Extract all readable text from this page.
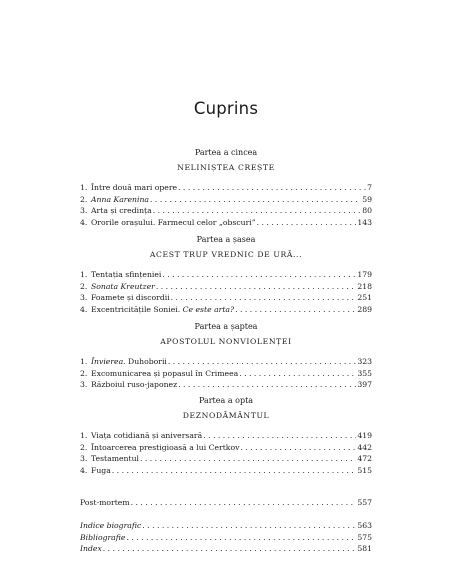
Cuprins
Partea a cincea
NELINIȘTEA CREȘTE
1. Între două mari opere . . .	7
2. Anna Karenina . . .	59
3. Arta și credința . . .	80
4. Ororile orașului. Farmecul celor „obscuri” . . .	143
Partea a șasea
ACEST TRUP VREDNIC DE URĂ...
1. Tentația sfințeniei . . .	179
2. Sonata Kreutzer . . .	218
3. Foamete și discordii . . .	251
4. Excentricitățile Soniei. Ce este arta? . . .	289
Partea a șaptea
APOSTOLUL NONVIOLENȚEI
1. Învierea. Duhoborii . . .	323
2. Excomunicarea și popasul în Crimeea . . .	355
3. Războiul ruso-japonez . . .	397
Partea a opta
DEZNODĂMÂNTUL
1. Viața cotidiană și aniversară . . .	419
2. Întoarcerea prestigioasă a lui Certkov . . .	442
3. Testamentul . . .	472
4. Fuga . . .	515
Post-mortem . . .	557
Indice biografic . . .	563
Bibliografie . . .	575
Index . . .	581
